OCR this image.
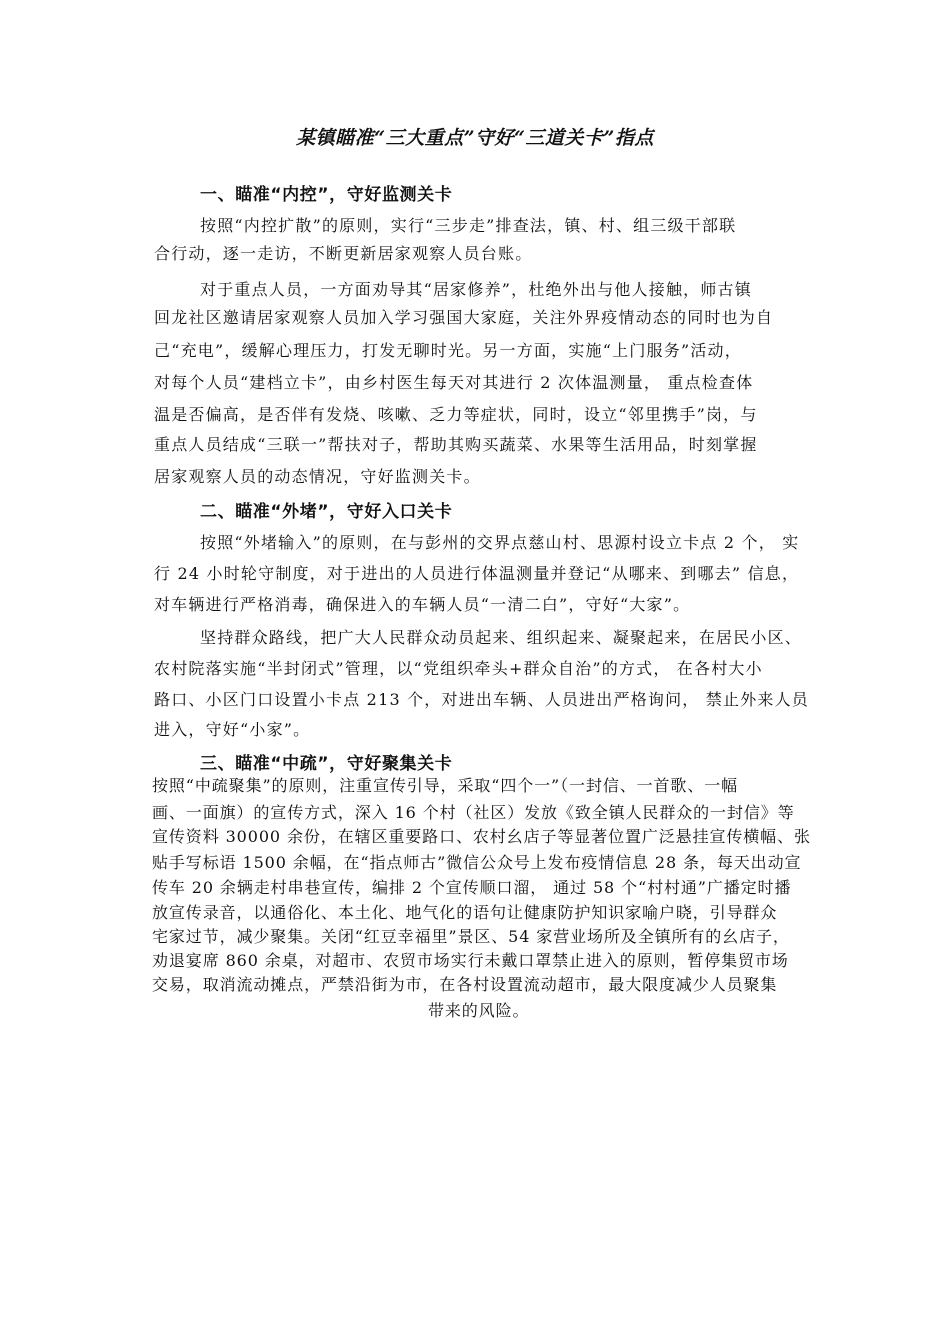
某镇瞄准“三大重点”守好“三道关卡”指点
一、瞄准“内控”，守好监测关卡
按照“内控扩散”的原则，实行“三步走”排查法，镇、村、组三级干部联
合行动，逐一走访，不断更新居家观察人员台账。
对于重点人员，一方面劝导其“居家修养”，杜绝外出与他人接触，师古镇
回龙社区邀请居家观察人员加入学习强国大家庭，关注外界疫情动态的同时也为自
己“充电”，缓解心理压力，打发无聊时光。另一方面，实施“上门服务”活动，
对每个人员“建档立卡”，由乡村医生每天对其进行 2 次体温测量， 重点检查体
温是否偏高，是否伴有发烧、咳嗽、乏力等症状，同时，设立“邻里携手”岗，与
重点人员结成“三联一”帮扶对子，帮助其购买蔬菜、水果等生活用品，时刻掌握
居家观察人员的动态情况，守好监测关卡。
二、瞄准“外堵”，守好入口关卡
按照“外堵输入”的原则，在与彭州的交界点慈山村、思源村设立卡点 2 个， 实
行 24 小时轮守制度，对于进出的人员进行体温测量并登记“从哪来、到哪去” 信息，
对车辆进行严格消毒，确保进入的车辆人员“一清二白”，守好“大家”。
坚持群众路线，把广大人民群众动员起来、组织起来、凝聚起来，在居民小区、
农村院落实施“半封闭式”管理，以“党组织牵头+群众自治”的方式， 在各村大小
路口、小区门口设置小卡点 213 个，对进出车辆、人员进出严格询问， 禁止外来人员
进入，守好“小家”。
三、瞄准“中疏”，守好聚集关卡
按照“中疏聚集”的原则，注重宣传引导，采取“四个一”（一封信、一首歌、一幅
画、一面旗）的宣传方式，深入 16 个村（社区）发放《致全镇人民群众的一封信》等
宣传资料 30000 余份，在辖区重要路口、农村幺店子等显著位置广泛悬挂宣传横幅、张
贴手写标语 1500 余幅，在“指点师古”微信公众号上发布疫情信息 28 条，每天出动宣
传车 20 余辆走村串巷宣传，编排 2 个宣传顺口溜， 通过 58 个“村村通”广播定时播
放宣传录音，以通俗化、本土化、地气化的语句让健康防护知识家喻户晓，引导群众
宅家过节，减少聚集。关闭“红豆幸福里”景区、54 家营业场所及全镇所有的幺店子，
劝退宴席 860 余桌，对超市、农贸市场实行未戴口罩禁止进入的原则，暂停集贸市场
交易，取消流动摊点，严禁沿街为市，在各村设置流动超市，最大限度减少人员聚集
带来的风险。
